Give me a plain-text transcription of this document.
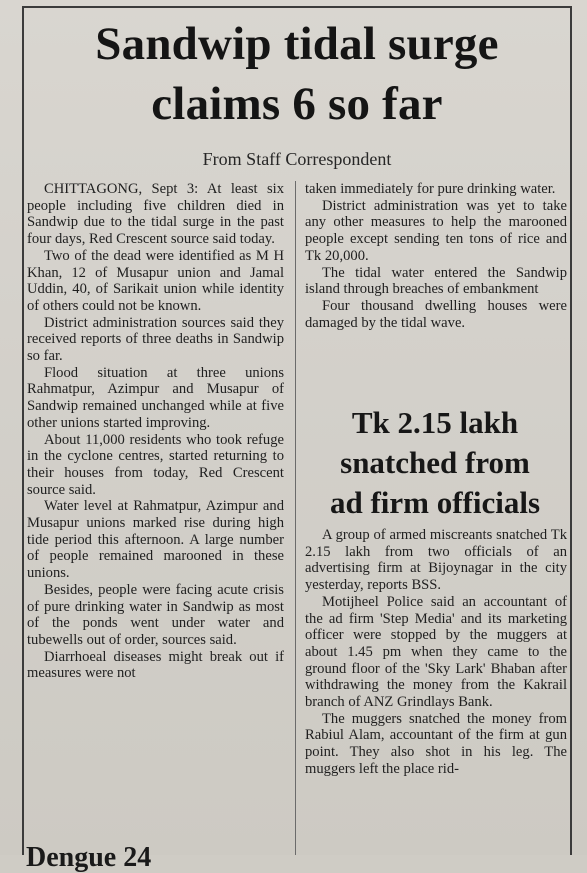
Sandwip tidal surge
claims 6 so far
From Staff Correspondent

CHITTAGONG, Sept 3: At least six people including five children died in Sandwip due to the tidal surge in the past four days, Red Crescent source said today.

Two of the dead were identified as M H Khan, 12 of Musapur union and Jamal Uddin, 40, of Sarikait union while identity of others could not be known.

District administration sources said they received reports of three deaths in Sandwip so far.

Flood situation at three unions Rahmatpur, Azimpur and Musapur of Sandwip remained unchanged while at five other unions started improving.

About 11,000 residents who took refuge in the cyclone centres, started returning to their houses from today, Red Crescent source said.

Water level at Rahmatpur, Azimpur and Musapur unions marked rise during high tide period this afternoon. A large number of people remained marooned in these unions.

Besides, people were facing acute crisis of pure drinking water in Sandwip as most of the ponds went under water and tubewells out of order, sources said.

Diarrhoeal diseases might break out if measures were not

taken immediately for pure drinking water.

District administration was yet to take any other measures to help the marooned people except sending ten tons of rice and Tk 20,000.

The tidal water entered the Sandwip island through breaches of embankment

Four thousand dwelling houses were damaged by the tidal wave.

Tk 2.15 lakh
snatched from
ad firm officials

A group of armed miscreants snatched Tk 2.15 lakh from two officials of an advertising firm at Bijoynagar in the city yesterday, reports BSS.

Motijheel Police said an accountant of the ad firm 'Step Media' and its marketing officer were stopped by the muggers at about 1.45 pm when they came to the ground floor of the 'Sky Lark' Bhaban after withdrawing the money from the Kakrail branch of ANZ Grindlays Bank.

The muggers snatched the money from Rabiul Alam, accountant of the firm at gun point. They also shot in his leg. The muggers left the place rid-

Dengue 24
